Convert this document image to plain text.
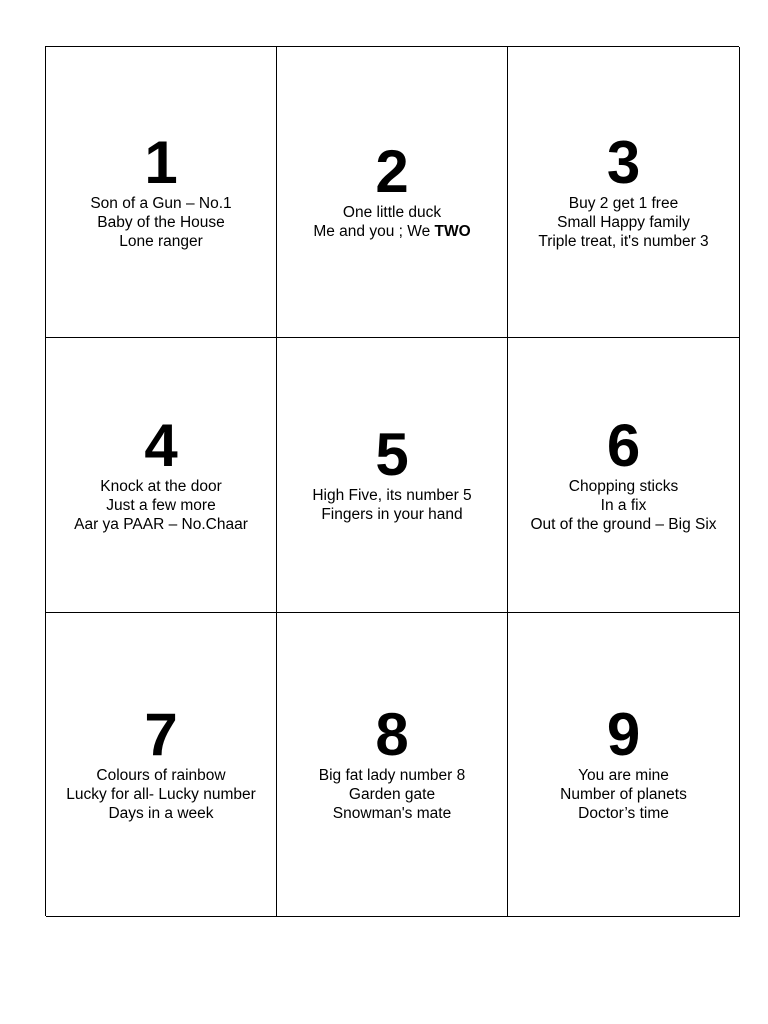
1
Son of a Gun – No.1
Baby of the House
Lone ranger
2
One little duck
Me and you ; We TWO
3
Buy 2 get 1 free
Small Happy family
Triple treat, it's number 3
4
Knock at the door
Just a few more
Aar ya PAAR – No.Chaar
5
High Five, its number 5
Fingers in your hand
6
Chopping sticks
In a fix
Out of the ground – Big Six
7
Colours of rainbow
Lucky for all- Lucky number
Days in a week
8
Big fat lady number 8
Garden gate
Snowman's mate
9
You are mine
Number of planets
Doctor’s time
